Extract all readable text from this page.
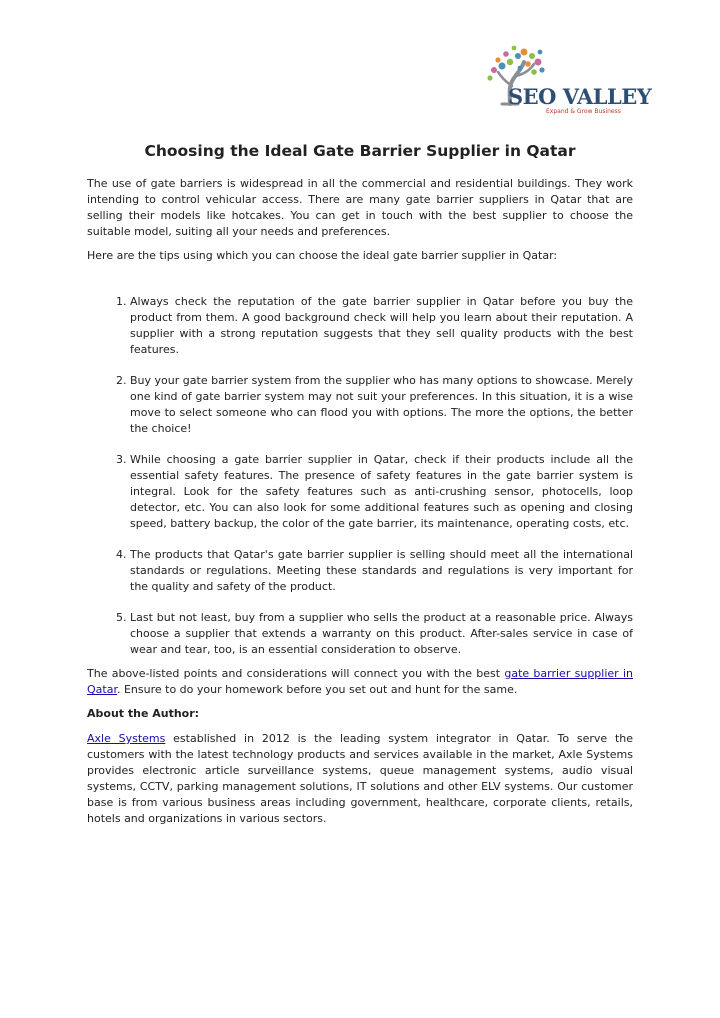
SEO VALLEY
Expand & Grow Business
Choosing the Ideal Gate Barrier Supplier in Qatar

The use of gate barriers is widespread in all the commercial and residential buildings. They work intending to control vehicular access. There are many gate barrier suppliers in Qatar that are selling their models like hotcakes. You can get in touch with the best supplier to choose the suitable model, suiting all your needs and preferences.

Here are the tips using which you can choose the ideal gate barrier supplier in Qatar:

1. Always check the reputation of the gate barrier supplier in Qatar before you buy the product from them. A good background check will help you learn about their reputation. A supplier with a strong reputation suggests that they sell quality products with the best features.
2. Buy your gate barrier system from the supplier who has many options to showcase. Merely one kind of gate barrier system may not suit your preferences. In this situation, it is a wise move to select someone who can flood you with options. The more the options, the better the choice!
3. While choosing a gate barrier supplier in Qatar, check if their products include all the essential safety features. The presence of safety features in the gate barrier system is integral. Look for the safety features such as anti-crushing sensor, photocells, loop detector, etc. You can also look for some additional features such as opening and closing speed, battery backup, the color of the gate barrier, its maintenance, operating costs, etc.
4. The products that Qatar's gate barrier supplier is selling should meet all the international standards or regulations. Meeting these standards and regulations is very important for the quality and safety of the product.
5. Last but not least, buy from a supplier who sells the product at a reasonable price. Always choose a supplier that extends a warranty on this product. After-sales service in case of wear and tear, too, is an essential consideration to observe.

The above-listed points and considerations will connect you with the best gate barrier supplier in Qatar. Ensure to do your homework before you set out and hunt for the same.

About the Author:

Axle Systems established in 2012 is the leading system integrator in Qatar. To serve the customers with the latest technology products and services available in the market, Axle Systems provides electronic article surveillance systems, queue management systems, audio visual systems, CCTV, parking management solutions, IT solutions and other ELV systems. Our customer base is from various business areas including government, healthcare, corporate clients, retails, hotels and organizations in various sectors.
